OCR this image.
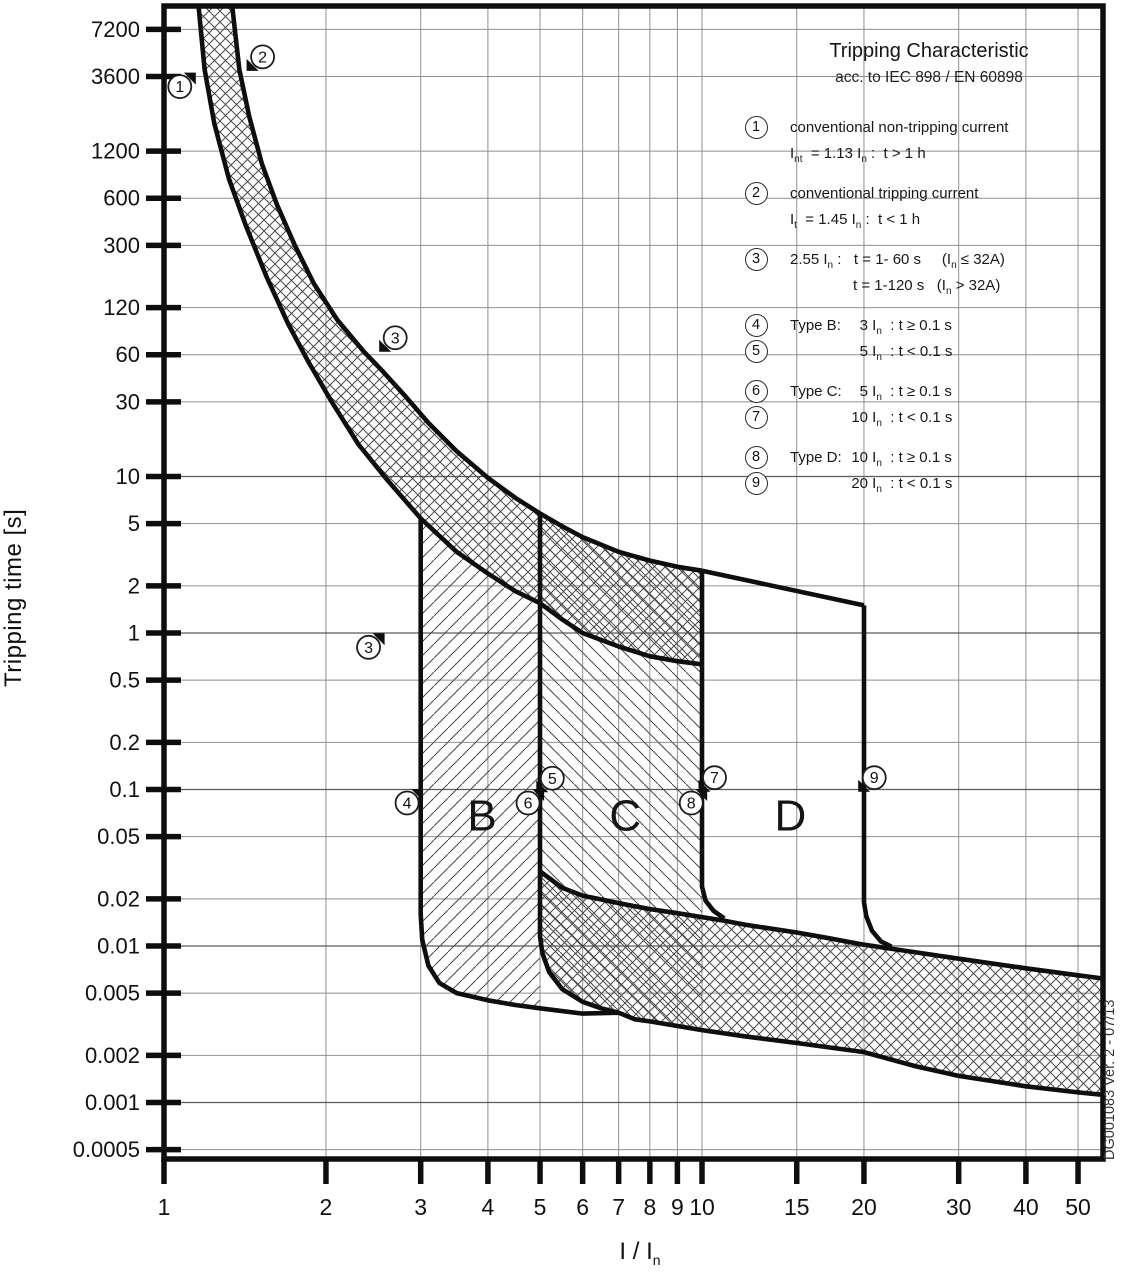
7200
3600
1200
600
300
120
60
30
10
5
2
1
0.5
0.2
0.1
0.05
0.02
0.01
0.005
0.002
0.001
0.0005
1	2	3 4 5 6 7 8 9 10	15 20	30 40 50
B	C	D
1
2
3
3
4
5
6
7
8
9
Tripping time [s]
I / $I_n$
DG001083 Ver. 2 - 07/13
Tripping Characteristic
acc. to IEC 898 / EN 60898
1	conventional non-tripping current
$I_{nt} = 1.13$ $I_n$ :  t > 1 h
2	conventional tripping current
$I_t = 1.45$ $I_n$ :  t < 1 h
3	2.55 $I_n$ :   t = 1- 60 s     $(I_n \le 32A)$
t = 1-120 s   $(I_n > 32A)$
4
5
Type B:	3 $I_n$  : t ≥ 0.1 s
5 $I_n$  : t < 0.1 s
6
7
Type C:	5 $I_n$  : t ≥ 0.1 s
10 $I_n$  : t < 0.1 s
8
9
Type D: 10 $I_n$  : t ≥ 0.1 s
20 $I_n$  : t < 0.1 s
